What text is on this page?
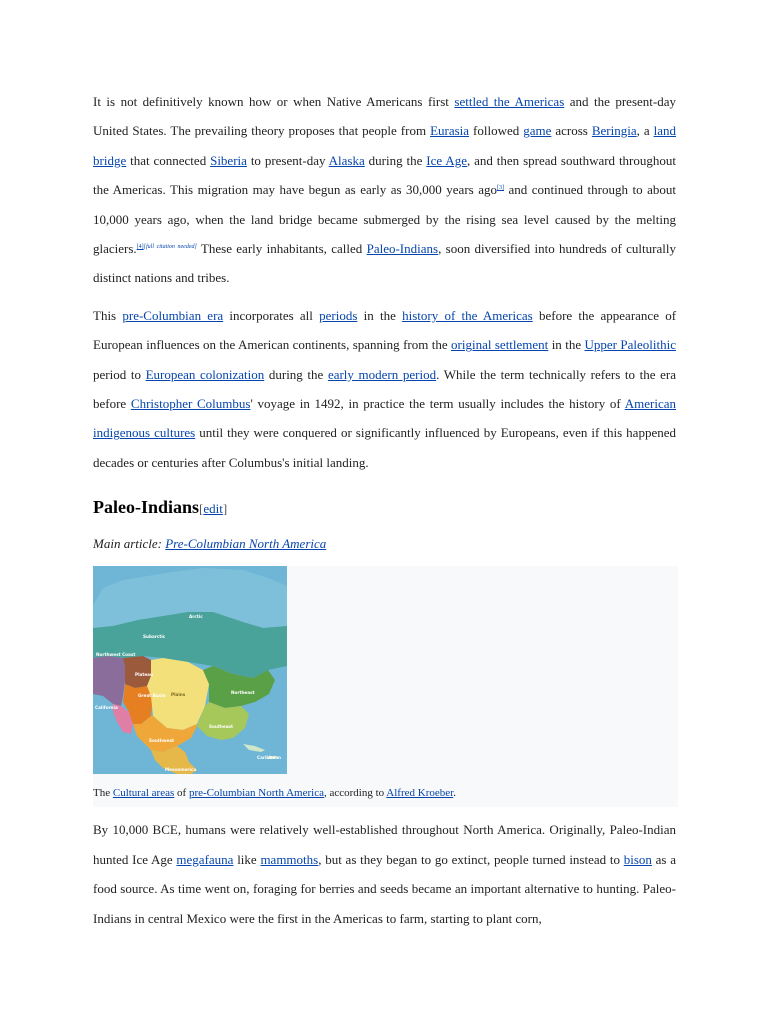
It is not definitively known how or when Native Americans first settled the Americas and the present-day United States. The prevailing theory proposes that people from Eurasia followed game across Beringia, a land bridge that connected Siberia to present-day Alaska during the Ice Age, and then spread southward throughout the Americas. This migration may have begun as early as 30,000 years ago[3] and continued through to about 10,000 years ago, when the land bridge became submerged by the rising sea level caused by the melting glaciers.[4][full citation needed] These early inhabitants, called Paleo-Indians, soon diversified into hundreds of culturally distinct nations and tribes.

This pre-Columbian era incorporates all periods in the history of the Americas before the appearance of European influences on the American continents, spanning from the original settlement in the Upper Paleolithic period to European colonization during the early modern period. While the term technically refers to the era before Christopher Columbus' voyage in 1492, in practice the term usually includes the history of American indigenous cultures until they were conquered or significantly influenced by Europeans, even if this happened decades or centuries after Columbus's initial landing.

Paleo-Indians[edit]
Main article: Pre-Columbian North America
Arctic
Subarctic
Northwest Coast
Plateau
Great Basin
California
Plains	Northeast
Southeast
Southwest
Mesoamerica
Caribbean
The Cultural areas of pre-Columbian North America, according to Alfred Kroeber.

By 10,000 BCE, humans were relatively well-established throughout North America. Originally, Paleo-Indian hunted Ice Age megafauna like mammoths, but as they began to go extinct, people turned instead to bison as a food source. As time went on, foraging for berries and seeds became an important alternative to hunting. Paleo-Indians in central Mexico were the first in the Americas to farm, starting to plant corn,
